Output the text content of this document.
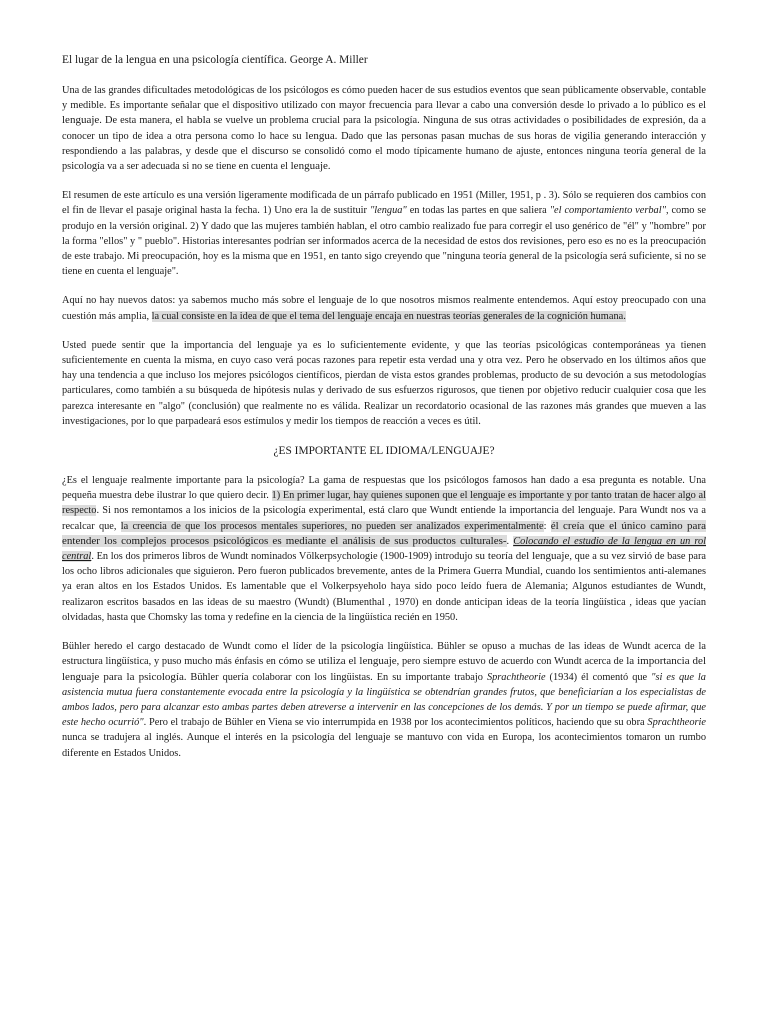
El lugar de la lengua en una psicología científica. George A. Miller

Una de las grandes dificultades metodológicas de los psicólogos es cómo pueden hacer de sus estudios eventos que sean públicamente observable, contable y medible. Es importante señalar que el dispositivo utilizado con mayor frecuencia para llevar a cabo una conversión desde lo privado a lo público es el lenguaje. De esta manera, el habla se vuelve un problema crucial para la psicología. Ninguna de sus otras actividades o posibilidades de expresión, da a conocer un tipo de idea a otra persona como lo hace su lengua. Dado que las personas pasan muchas de sus horas de vigilia generando interacción y respondiendo a las palabras, y desde que el discurso se consolidó como el modo típicamente humano de ajuste, entonces ninguna teoría general de la psicología va a ser adecuada si no se tiene en cuenta el lenguaje.

El resumen de este artículo es una versión ligeramente modificada de un párrafo publicado en 1951 (Miller, 1951, p . 3). Sólo se requieren dos cambios con el fin de llevar el pasaje original hasta la fecha. 1) Uno era la de sustituir "lengua" en todas las partes en que saliera "el comportamiento verbal", como se produjo en la versión original. 2) Y dado que las mujeres también hablan, el otro cambio realizado fue para corregir el uso genérico de "él" y "hombre" por la forma "ellos" y " pueblo". Historias interesantes podrían ser informados acerca de la necesidad de estos dos revisiones, pero eso es no es la preocupación de este trabajo. Mi preocupación, hoy es la misma que en 1951, en tanto sigo creyendo que "ninguna teoría general de la psicología será suficiente, si no se tiene en cuenta el lenguaje".

Aquí no hay nuevos datos: ya sabemos mucho más sobre el lenguaje de lo que nosotros mismos realmente entendemos. Aquí estoy preocupado con una cuestión más amplia, la cual consiste en la idea de que el tema del lenguaje encaja en nuestras teorías generales de la cognición humana.

Usted puede sentir que la importancia del lenguaje ya es lo suficientemente evidente, y que las teorías psicológicas contemporáneas ya tienen suficientemente en cuenta la misma, en cuyo caso verá pocas razones para repetir esta verdad una y otra vez. Pero he observado en los últimos años que hay una tendencia a que incluso los mejores psicólogos científicos, pierdan de vista estos grandes problemas, producto de su devoción a sus metodologías particulares, como también a su búsqueda de hipótesis nulas y derivado de sus esfuerzos rigurosos, que tienen por objetivo reducir cualquier cosa que les parezca interesante en "algo" (conclusión) que realmente no es válida. Realizar un recordatorio ocasional de las razones más grandes que mueven a las investigaciones, por lo que parpadeará esos estímulos y medir los tiempos de reacción a veces es útil.

¿ES IMPORTANTE EL IDIOMA/LENGUAJE?

¿Es el lenguaje realmente importante para la psicología? La gama de respuestas que los psicólogos famosos han dado a esa pregunta es notable. Una pequeña muestra debe ilustrar lo que quiero decir. 1) En primer lugar, hay quienes suponen que el lenguaje es importante y por tanto tratan de hacer algo al respecto. Si nos remontamos a los inicios de la psicología experimental, está claro que Wundt entiende la importancia del lenguaje. Para Wundt nos va a recalcar que, la creencia de que los procesos mentales superiores, no pueden ser analizados experimentalmente: él creía que el único camino para entender los complejos procesos psicológicos es mediante el análisis de sus productos culturales-. Colocando el estudio de la lengua en un rol central. En los dos primeros libros de Wundt nominados Völkerpsychologie (1900-1909) introdujo su teoría del lenguaje, que a su vez sirvió de base para los ocho libros adicionales que siguieron. Pero fueron publicados brevemente, antes de la Primera Guerra Mundial, cuando los sentimientos anti-alemanes ya eran altos en los Estados Unidos. Es lamentable que el Volkerpsyeholo haya sido poco leído fuera de Alemania; Algunos estudiantes de Wundt, realizaron escritos basados en las ideas de su maestro (Wundt) (Blumenthal , 1970) en donde anticipan ideas de la teoría lingüística , ideas que yacían olvidadas, hasta que Chomsky las toma y redefine en la ciencia de la lingüística recién en 1950.

Bühler heredo el cargo destacado de Wundt como el líder de la psicología lingüística. Bühler se opuso a muchas de las ideas de Wundt acerca de la estructura lingüística, y puso mucho más énfasis en cómo se utiliza el lenguaje, pero siempre estuvo de acuerdo con Wundt acerca de la importancia del lenguaje para la psicología. Bühler quería colaborar con los lingüistas. En su importante trabajo Sprachtheorie (1934) él comentó que "si es que la asistencia mutua fuera constantemente evocada entre la psicología y la lingüística se obtendrían grandes frutos, que beneficiarían a los especialistas de ambos lados, pero para alcanzar esto ambas partes deben atreverse a intervenir en las concepciones de los demás. Y por un tiempo se puede afirmar, que este hecho ocurrió". Pero el trabajo de Bühler en Viena se vio interrumpida en 1938 por los acontecimientos políticos, haciendo que su obra Sprachtheorie nunca se tradujera al inglés. Aunque el interés en la psicología del lenguaje se mantuvo con vida en Europa, los acontecimientos tomaron un rumbo diferente en Estados Unidos.
